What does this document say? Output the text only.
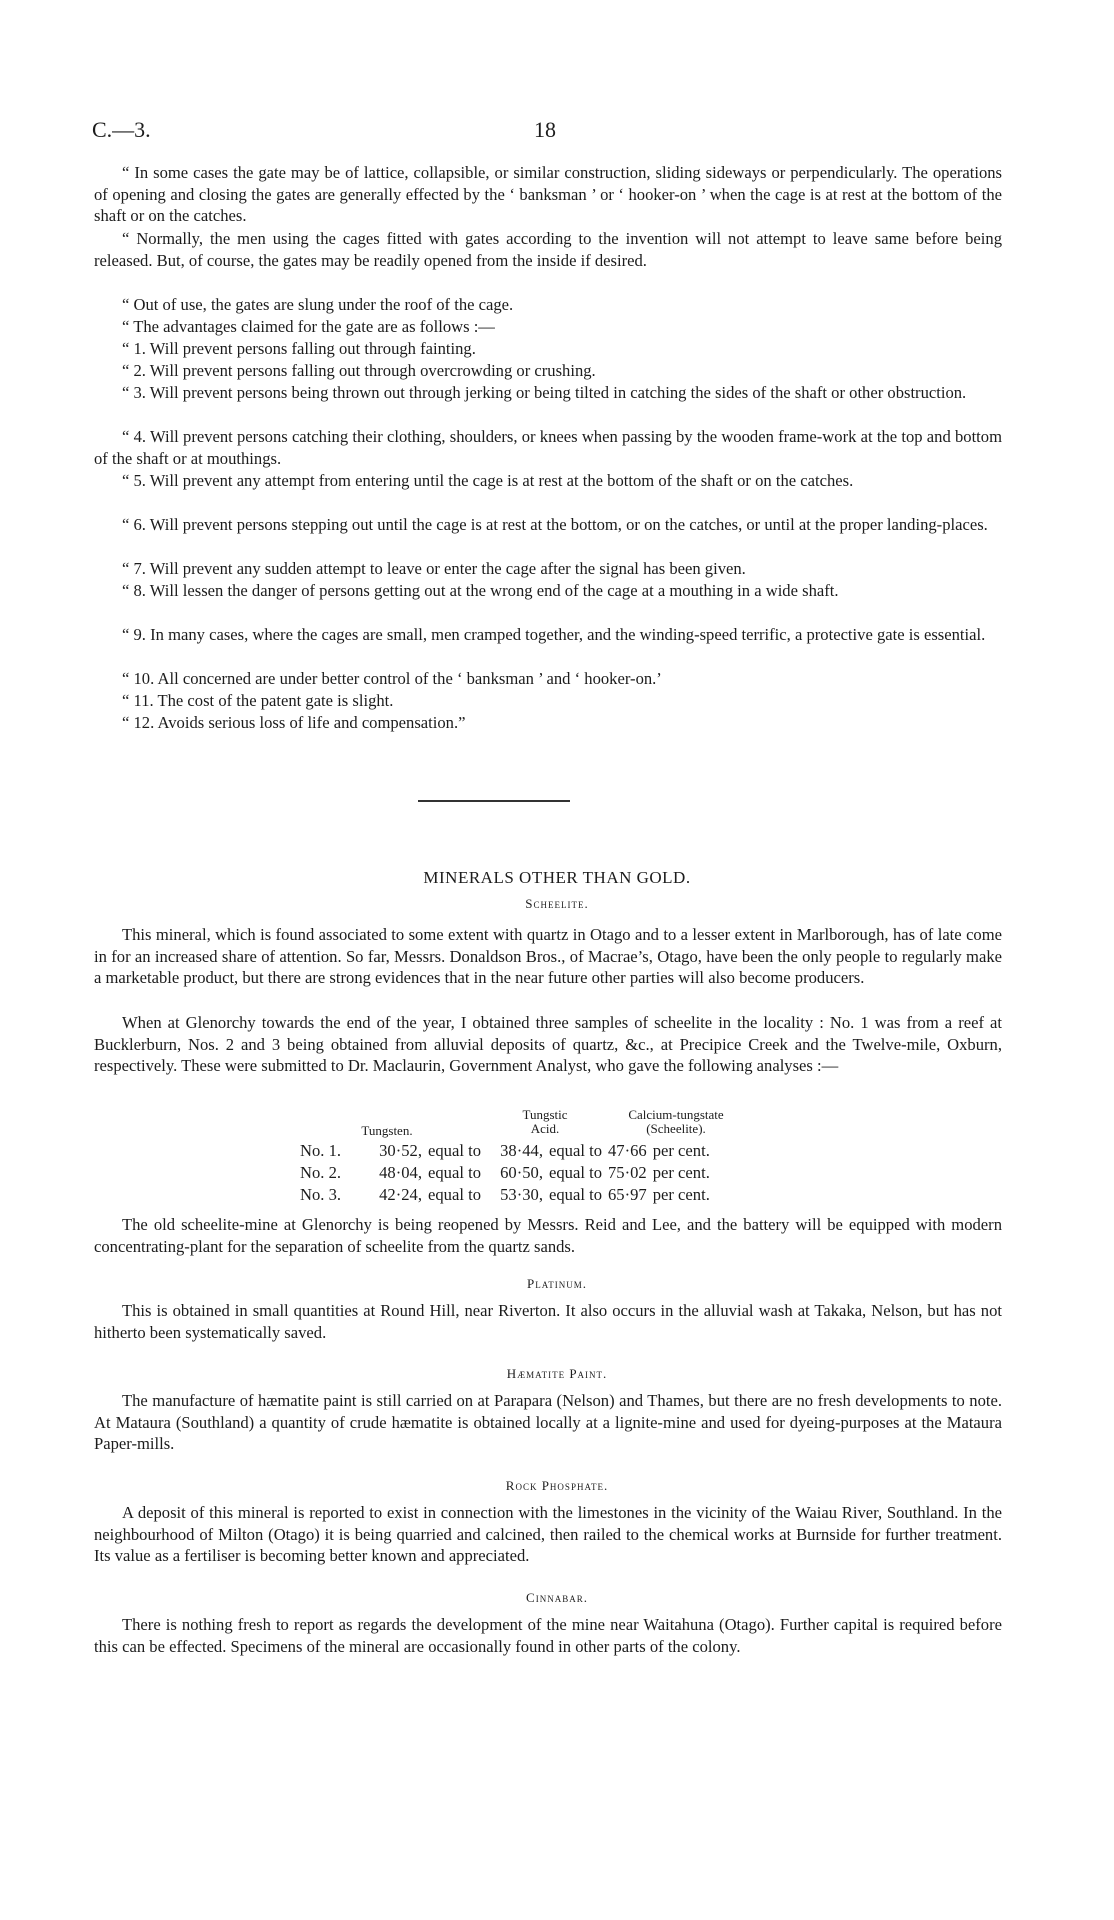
C.—3.	18

“ In some cases the gate may be of lattice, collapsible, or similar construction, sliding sideways or perpendicularly. The operations of opening and closing the gates are generally effected by the ‘ banksman ’ or ‘ hooker-on ’ when the cage is at rest at the bottom of the shaft or on the catches.

“ Normally, the men using the cages fitted with gates according to the invention will not attempt to leave same before being released. But, of course, the gates may be readily opened from the inside if desired.

“ Out of use, the gates are slung under the roof of the cage.
“ The advantages claimed for the gate are as follows :—
“ 1. Will prevent persons falling out through fainting.
“ 2. Will prevent persons falling out through overcrowding or crushing.

“ 3. Will prevent persons being thrown out through jerking or being tilted in catching the sides of the shaft or other obstruction.

“ 4. Will prevent persons catching their clothing, shoulders, or knees when passing by the wooden frame-work at the top and bottom of the shaft or at mouthings.

“ 5. Will prevent any attempt from entering until the cage is at rest at the bottom of the shaft or on the catches.

“ 6. Will prevent persons stepping out until the cage is at rest at the bottom, or on the catches, or until at the proper landing-places.

“ 7. Will prevent any sudden attempt to leave or enter the cage after the signal has been given.

“ 8. Will lessen the danger of persons getting out at the wrong end of the cage at a mouthing in a wide shaft.

“ 9. In many cases, where the cages are small, men cramped together, and the winding-speed terrific, a protective gate is essential.

“ 10. All concerned are under better control of the ‘ banksman ’ and ‘ hooker-on.’
“ 11. The cost of the patent gate is slight.
“ 12. Avoids serious loss of life and compensation.”
MINERALS OTHER THAN GOLD.
Scheelite.

This mineral, which is found associated to some extent with quartz in Otago and to a lesser extent in Marlborough, has of late come in for an increased share of attention. So far, Messrs. Donaldson Bros., of Macrae’s, Otago, have been the only people to regularly make a marketable product, but there are strong evidences that in the near future other parties will also become producers.

When at Glenorchy towards the end of the year, I obtained three samples of scheelite in the locality : No. 1 was from a reef at Bucklerburn, Nos. 2 and 3 being obtained from alluvial deposits of quartz, &c., at Precipice Creek and the Twelve-mile, Oxburn, respectively. These were submitted to Dr. Maclaurin, Government Analyst, who gave the following analyses :—

Tungsten.
Tungstic
Acid.
Calcium-tungstate
(Scheelite).
No. 1. 30·52, equal to 38·44, equal to 47·66 per cent.
No. 2. 48·04, equal to 60·50, equal to 75·02 per cent.
No. 3. 42·24, equal to 53·30, equal to 65·97 per cent.

The old scheelite-mine at Glenorchy is being reopened by Messrs. Reid and Lee, and the battery will be equipped with modern concentrating-plant for the separation of scheelite from the quartz sands.

Platinum.

This is obtained in small quantities at Round Hill, near Riverton. It also occurs in the alluvial wash at Takaka, Nelson, but has not hitherto been systematically saved.

Hæmatite Paint.

The manufacture of hæmatite paint is still carried on at Parapara (Nelson) and Thames, but there are no fresh developments to note. At Mataura (Southland) a quantity of crude hæmatite is obtained locally at a lignite-mine and used for dyeing-purposes at the Mataura Paper-mills.

Rock Phosphate.

A deposit of this mineral is reported to exist in connection with the limestones in the vicinity of the Waiau River, Southland. In the neighbourhood of Milton (Otago) it is being quarried and calcined, then railed to the chemical works at Burnside for further treatment. Its value as a fertiliser is becoming better known and appreciated.

Cinnabar.

There is nothing fresh to report as regards the development of the mine near Waitahuna (Otago). Further capital is required before this can be effected. Specimens of the mineral are occasionally found in other parts of the colony.
